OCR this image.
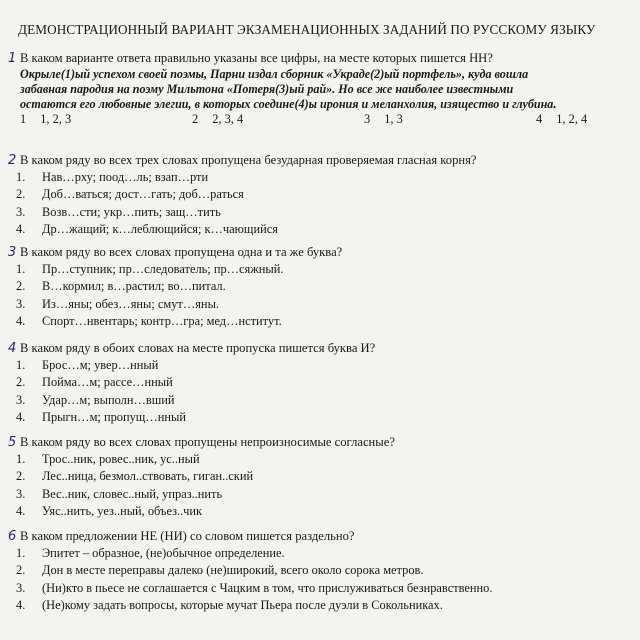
ДЕМОНСТРАЦИОННЫЙ ВАРИАНТ ЭКЗАМЕНАЦИОННЫХ ЗАДАНИЙ ПО РУССКОМУ ЯЗЫКУ
1 В каком варианте ответа правильно указаны все цифры, на месте которых пишется НН?
Окрыле(1)ый успехом своей поэмы, Парни издал сборник «Украде(2)ый портфель», куда вошла
забавная пародия на поэму Мильтона «Потеря(3)ый рай». Но все же наиболее известными
остаются его любовные элегии, в которых соедине(4)ы ирония и меланхолия, изящество и глубина.
1 1, 2, 3	2 2, 3, 4	3 1, 3	4 1, 2, 4
2 В каком ряду во всех трех словах пропущена безударная проверяемая гласная корня?
1. Нав…рху; поод…ль; взап…рти
2. Доб…ваться; дост…гать; доб…раться
3. Возв…сти; укр…пить; защ…тить
4. Др…жащий; к…леблющийся; к…чающийся
3 В каком ряду во всех словах пропущена одна и та же буква?
1. Пр…ступник; пр…следователь; пр…сяжный.
2. В…кормил; в…растил; во…питал.
3. Из…яны; обез…яны; смут…яны.
4. Спорт…нвентарь; контр…гра; мед…нститут.
4 В каком ряду в обоих словах на месте пропуска пишется буква И?
1. Брос…м; увер…нный
2. Пойма…м; рассе…нный
3. Удар…м; выполн…вший
4. Прыгн…м; пропущ…нный
5 В каком ряду во всех словах пропущены непроизносимые согласные?
1. Трос..ник, ровес..ник, ус..ный
2. Лес..ница, безмол..ствовать, гиган..ский
3. Вес..ник, словес..ный, упраз..нить
4. Уяс..нить, уез..ный, объез..чик
6 В каком предложении НЕ (НИ) со словом пишется раздельно?
1. Эпитет – образное, (не)обычное определение.
2. Дон в месте переправы далеко (не)широкий, всего около сорока метров.
3. (Ни)кто в пьесе не соглашается с Чацким в том, что прислуживаться безнравственно.
4. (Не)кому задать вопросы, которые мучат Пьера после дуэли в Сокольниках.
